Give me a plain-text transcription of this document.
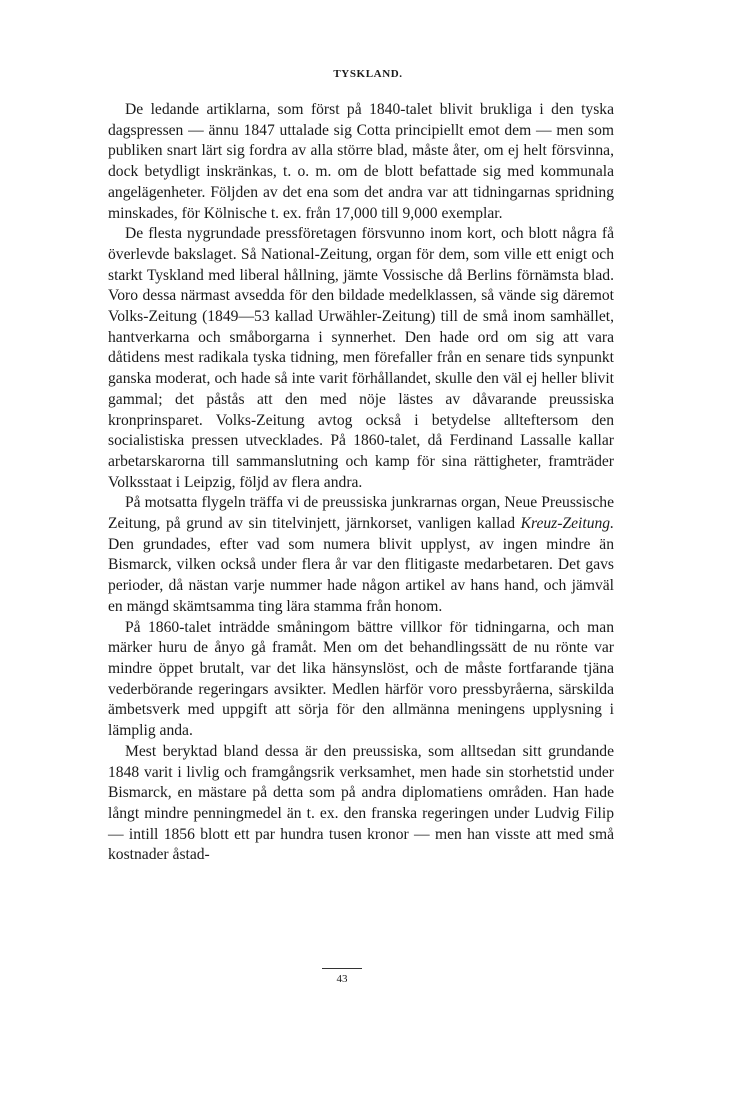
TYSKLAND.

De ledande artiklarna, som först på 1840-talet blivit brukliga i den tyska dagspressen — ännu 1847 uttalade sig Cotta principiellt emot dem — men som publiken snart lärt sig fordra av alla större blad, måste åter, om ej helt försvinna, dock betydligt inskränkas, t. o. m. om de blott befattade sig med kommunala angelägenheter. Följden av det ena som det andra var att tidningarnas spridning minskades, för Kölnische t. ex. från 17,000 till 9,000 exemplar.

De flesta nygrundade pressföretagen försvunno inom kort, och blott några få överlevde bakslaget. Så National-Zeitung, organ för dem, som ville ett enigt och starkt Tyskland med liberal hållning, jämte Vossische då Berlins förnämsta blad. Voro dessa närmast avsedda för den bildade medelklassen, så vände sig däremot Volks-Zeitung (1849—53 kallad Urwähler-Zeitung) till de små inom samhället, hantverkarna och småborgarna i synnerhet. Den hade ord om sig att vara dåtidens mest radikala tyska tidning, men förefaller från en senare tids synpunkt ganska moderat, och hade så inte varit förhållandet, skulle den väl ej heller blivit gammal; det påstås att den med nöje lästes av dåvarande preussiska kronprinsparet. Volks-Zeitung avtog också i betydelse allteftersom den socialistiska pressen utvecklades. På 1860-talet, då Ferdinand Lassalle kallar arbetarskarorna till sammanslutning och kamp för sina rättigheter, framträder Volksstaat i Leipzig, följd av flera andra.

På motsatta flygeln träffa vi de preussiska junkrarnas organ, Neue Preussische Zeitung, på grund av sin titelvinjett, järnkorset, vanligen kallad Kreuz-Zeitung. Den grundades, efter vad som numera blivit upplyst, av ingen mindre än Bismarck, vilken också under flera år var den flitigaste medarbetaren. Det gavs perioder, då nästan varje nummer hade någon artikel av hans hand, och jämväl en mängd skämtsamma ting lära stamma från honom.

På 1860-talet inträdde småningom bättre villkor för tidningarna, och man märker huru de ånyo gå framåt. Men om det behandlingssätt de nu rönte var mindre öppet brutalt, var det lika hänsynslöst, och de måste fortfarande tjäna vederbörande regeringars avsikter. Medlen härför voro pressbyråerna, särskilda ämbetsverk med uppgift att sörja för den allmänna meningens upplysning i lämplig anda.

Mest beryktad bland dessa är den preussiska, som alltsedan sitt grundande 1848 varit i livlig och framgångsrik verksamhet, men hade sin storhetstid under Bismarck, en mästare på detta som på andra diplomatiens områden. Han hade långt mindre penningmedel än t. ex. den franska regeringen under Ludvig Filip — intill 1856 blott ett par hundra tusen kronor — men han visste att med små kostnader åstad-

43
